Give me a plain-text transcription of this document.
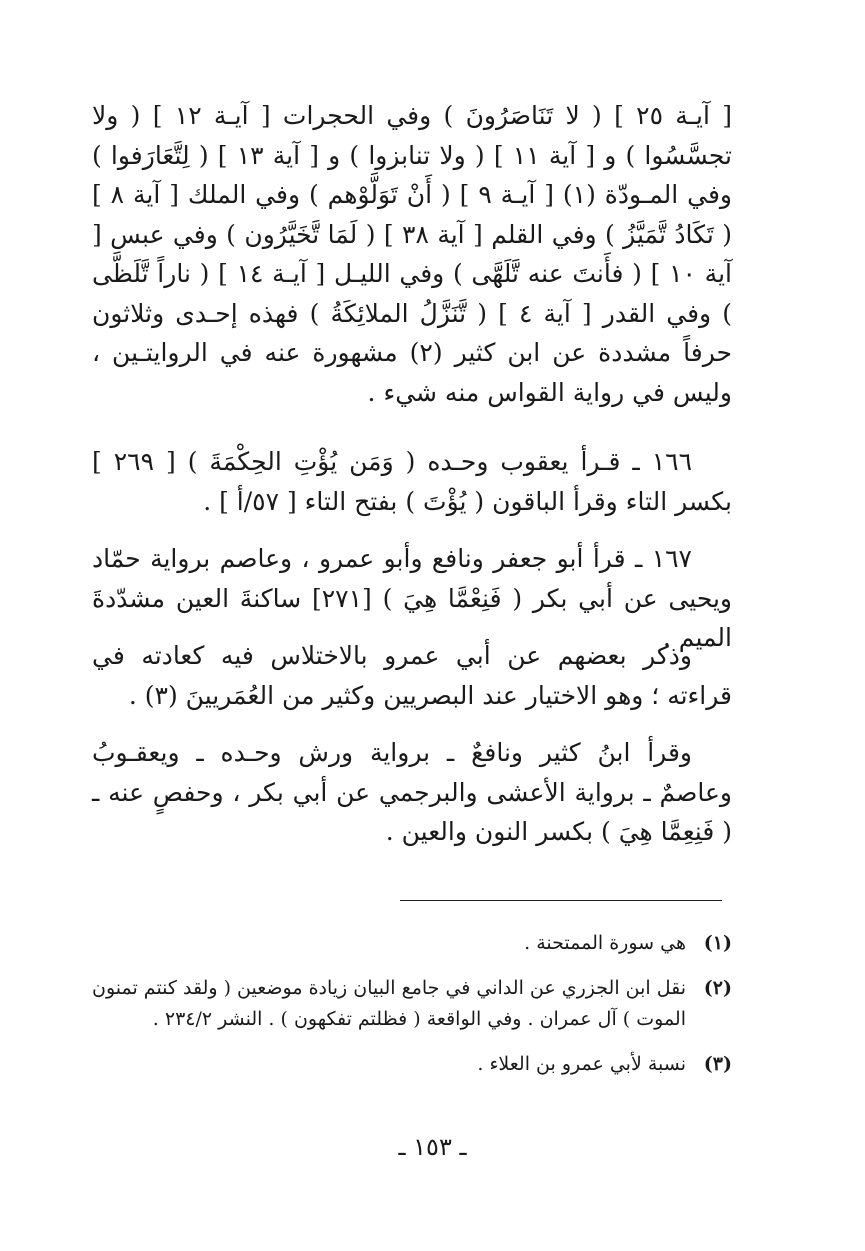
[ آيـة ٢٥ ] ( لا تَنَاصَرُونَ ) وفي الحجرات [ آيـة ١٢ ] ( ولا تجسَّسُوا ) و [ آية ١١ ] ( ولا تنابزوا ) و [ آية ١٣ ] ( لِتَّعَارَفوا ) وفي المـودّة (١) [ آيـة ٩ ] ( أَنْ تَوَلَّوْهم ) وفي الملك [ آية ٨ ] ( تَكَادُ تَّمَيَّزُ ) وفي القلم [ آية ٣٨ ] ( لَمَا تَّخَيَّرُون ) وفي عبس [ آية ١٠ ] ( فأَنتَ عنه تَّلَهَّى ) وفي الليـل [ آيـة ١٤ ] ( ناراً تَّلَظَّى ) وفي القدر [ آية ٤ ] ( تَّنَزَّلُ الملائِكَةُ ) فهذه إحـدى وثلاثون حرفاً مشددة عن ابن كثير (٢) مشهورة عنه في الروايتـين ، وليس في رواية القواس منه شيء .

١٦٦ ـ قـرأ يعقوب وحـده ( وَمَن يُؤْتِ الحِكْمَةَ ) [ ٢٦٩ ] بكسر التاء وقرأ الباقون ( يُؤْتَ ) بفتح التاء [ ٥٧/أ ] .

١٦٧ ـ قرأ أبو جعفر ونافع وأبو عمرو ، وعاصم برواية حمّاد ويحيى عن أبي بكر ( فَنِعْمَّا هِيَ ) [٢٧١] ساكنةَ العين مشدّدةَ الميم .

وذكر بعضهم عن أبي عمرو بالاختلاس فيه كعادته في قراءته ؛ وهو الاختيار عند البصريين وكثير من العُمَريينَ (٣) .

وقرأ ابنُ كثير ونافعٌ ـ برواية ورش وحـده ـ ويعقـوبُ وعاصمٌ ـ برواية الأعشى والبرجمي عن أبي بكر ، وحفصٍ عنه ـ ( فَنِعِمَّا هِيَ ) بكسر النون والعين .

(١)
هي سورة الممتحنة .
(٢)
نقل ابن الجزري عن الداني في جامع البيان زيادة موضعين ( ولقد كنتم تمنون الموت ) آل عمران . وفي الواقعة ( فظلتم تفكهون ) . النشر ٢٣٤/٢ .
(٣)
نسبة لأبي عمرو بن العلاء .
ـ ١٥٣ ـ
